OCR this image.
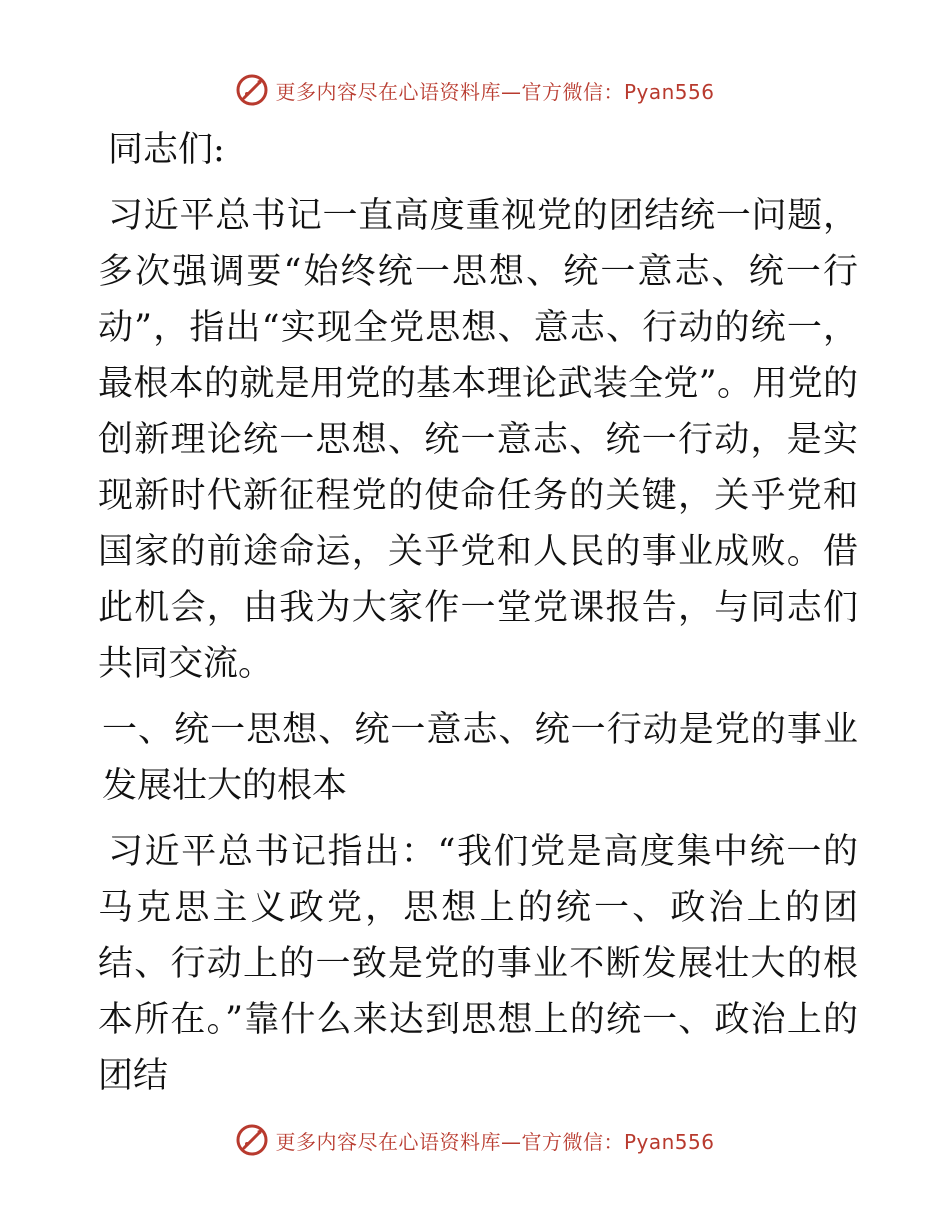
更多内容尽在心语资料库—官方微信：Pyan556

同志们:

习近平总书记一直高度重视党的团结统一问题，多次强调要“始终统一思想、统一意志、统一行动”，指出“实现全党思想、意志、行动的统一，最根本的就是用党的基本理论武装全党”。用党的创新理论统一思想、统一意志、统一行动，是实现新时代新征程党的使命任务的关键，关乎党和国家的前途命运，关乎党和人民的事业成败。借此机会，由我为大家作一堂党课报告，与同志们共同交流。

一、统一思想、统一意志、统一行动是党的事业发展壮大的根本

习近平总书记指出：“我们党是高度集中统一的马克思主义政党，思想上的统一、政治上的团结、行动上的一致是党的事业不断发展壮大的根本所在。”靠什么来达到思想上的统一、政治上的团结

更多内容尽在心语资料库—官方微信：Pyan556
